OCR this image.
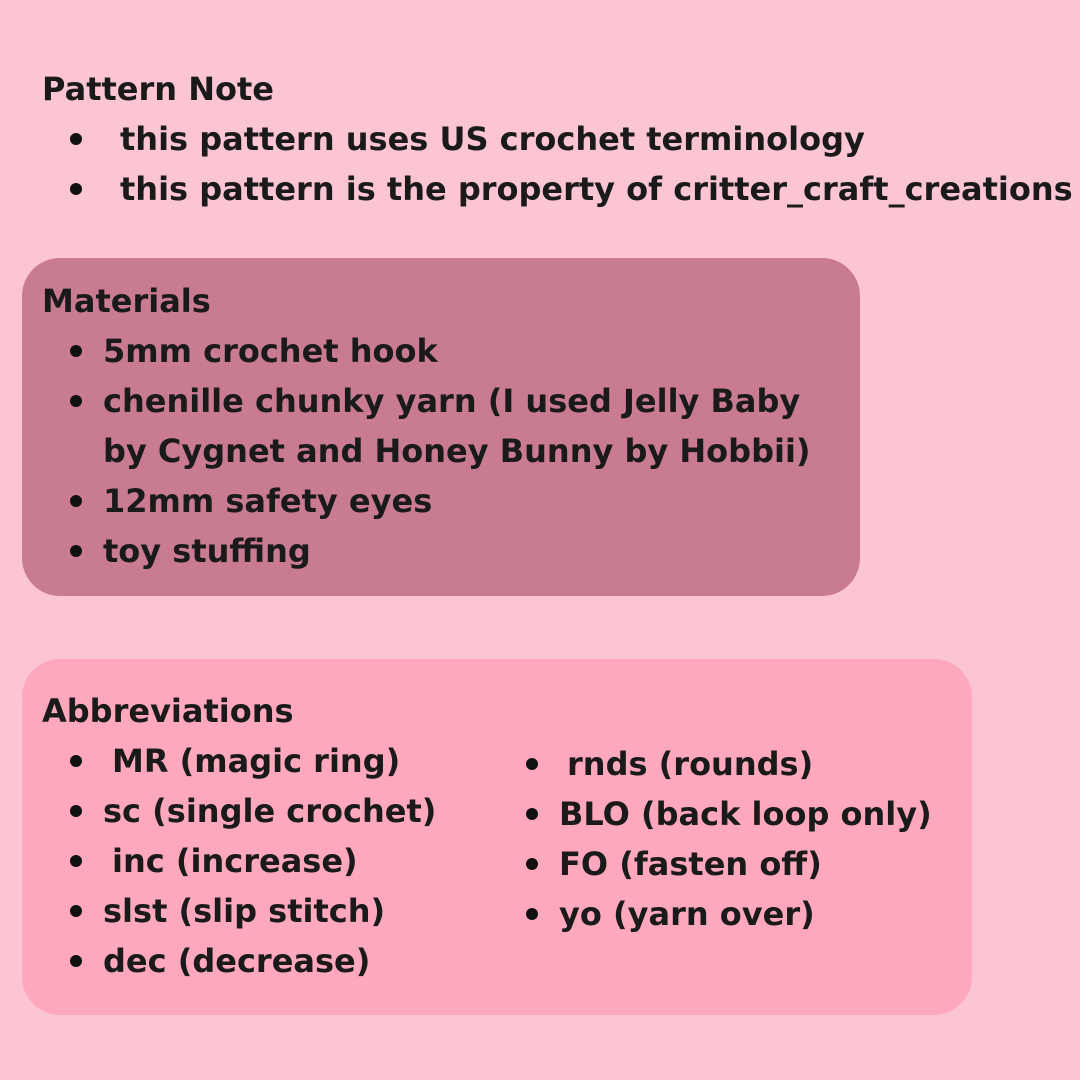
Pattern Note
this pattern uses US crochet terminology
this pattern is the property of critter_craft_creations
Materials
5mm crochet hook
chenille chunky yarn (I used Jelly Baby by Cygnet and Honey Bunny by Hobbii)
12mm safety eyes
toy stuffing
Abbreviations
MR (magic ring)
sc (single crochet)
inc (increase)
slst (slip stitch)
dec (decrease)
rnds (rounds)
BLO (back loop only)
FO (fasten off)
yo (yarn over)
